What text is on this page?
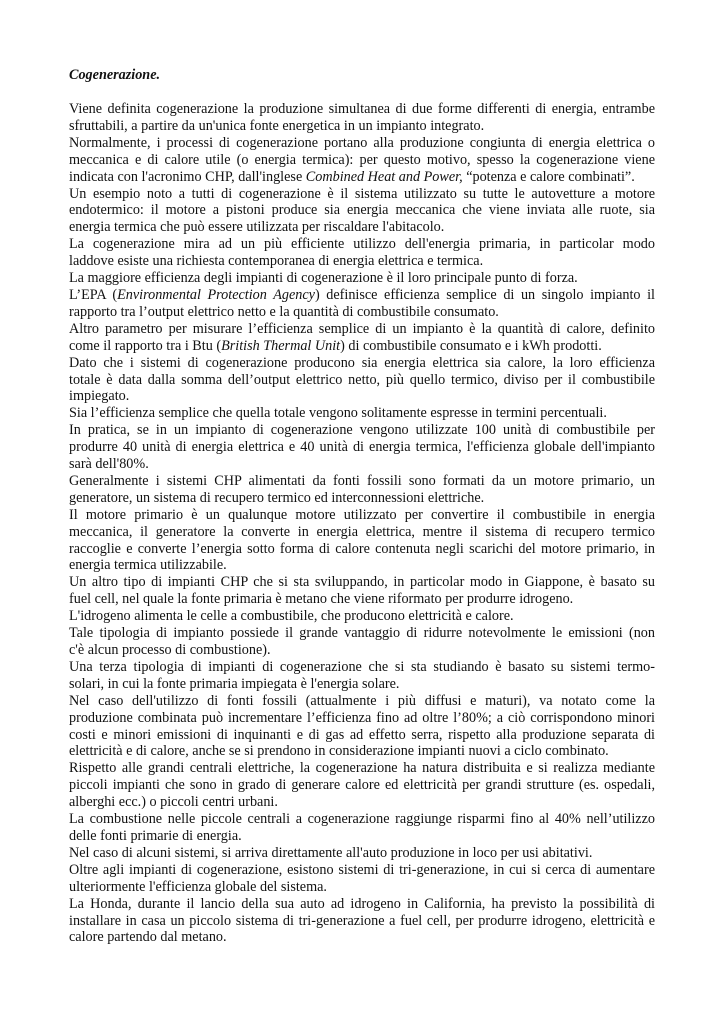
Cogenerazione.
Viene definita cogenerazione la produzione simultanea di due forme differenti di energia, entrambe sfruttabili, a partire da un'unica fonte energetica in un impianto integrato.
Normalmente, i processi di cogenerazione portano alla produzione congiunta di energia elettrica o meccanica e di calore utile (o energia termica): per questo motivo, spesso la cogenerazione viene indicata con l'acronimo CHP, dall'inglese Combined Heat and Power, “potenza e calore combinati”.
Un esempio noto a tutti di cogenerazione è il sistema utilizzato su tutte le autovetture a motore endotermico: il motore a pistoni produce sia energia meccanica che viene inviata alle ruote, sia energia termica che può essere utilizzata per riscaldare l'abitacolo.
La cogenerazione mira ad un più efficiente utilizzo dell'energia primaria, in particolar modo laddove esiste una richiesta contemporanea di energia elettrica e termica.
La maggiore efficienza degli impianti di cogenerazione è il loro principale punto di forza.
L’EPA (Environmental Protection Agency) definisce efficienza semplice di un singolo impianto il rapporto tra l’output elettrico netto e la quantità di combustibile consumato.
Altro parametro per misurare l’efficienza semplice di un impianto è la quantità di calore, definito come il rapporto tra i Btu (British Thermal Unit) di combustibile consumato e i kWh prodotti.
Dato che i sistemi di cogenerazione producono sia energia elettrica sia calore, la loro efficienza totale è data dalla somma dell’output elettrico netto, più quello termico, diviso per il combustibile impiegato.
Sia l’efficienza semplice che quella totale vengono solitamente espresse in termini percentuali.
In pratica, se in un impianto di cogenerazione vengono utilizzate 100 unità di combustibile per produrre 40 unità di energia elettrica e 40 unità di energia termica, l'efficienza globale dell'impianto sarà dell'80%.
Generalmente i sistemi CHP alimentati da fonti fossili sono formati da un motore primario, un generatore, un sistema di recupero termico ed interconnessioni elettriche.
Il motore primario è un qualunque motore utilizzato per convertire il combustibile in energia meccanica, il generatore la converte in energia elettrica, mentre il sistema di recupero termico raccoglie e converte l’energia sotto forma di calore contenuta negli scarichi del motore primario, in energia termica utilizzabile.
Un altro tipo di impianti CHP che si sta sviluppando, in particolar modo in Giappone, è basato su fuel cell, nel quale la fonte primaria è metano che viene riformato per produrre idrogeno.
L'idrogeno alimenta le celle a combustibile, che producono elettricità e calore.
Tale tipologia di impianto possiede il grande vantaggio di ridurre notevolmente le emissioni (non c'è alcun processo di combustione).
Una terza tipologia di impianti di cogenerazione che si sta studiando è basato su sistemi termo- solari, in cui la fonte primaria impiegata è l'energia solare.
Nel caso dell'utilizzo di fonti fossili (attualmente i più diffusi e maturi), va notato come la produzione combinata può incrementare l’efficienza fino ad oltre l’80%; a ciò corrispondono minori costi e minori emissioni di inquinanti e di gas ad effetto serra, rispetto alla produzione separata di elettricità e di calore, anche se si prendono in considerazione impianti nuovi a ciclo combinato.
Rispetto alle grandi centrali elettriche, la cogenerazione ha natura distribuita e si realizza mediante piccoli impianti che sono in grado di generare calore ed elettricità per grandi strutture (es. ospedali, alberghi ecc.) o piccoli centri urbani.
La combustione nelle piccole centrali a cogenerazione raggiunge risparmi fino al 40% nell’utilizzo delle fonti primarie di energia.
Nel caso di alcuni sistemi, si arriva direttamente all'auto produzione in loco per usi abitativi.
Oltre agli impianti di cogenerazione, esistono sistemi di tri-generazione, in cui si cerca di aumentare ulteriormente l'efficienza globale del sistema.
La Honda, durante il lancio della sua auto ad idrogeno in California, ha previsto la possibilità di installare in casa un piccolo sistema di tri-generazione a fuel cell, per produrre idrogeno, elettricità e calore partendo dal metano.
